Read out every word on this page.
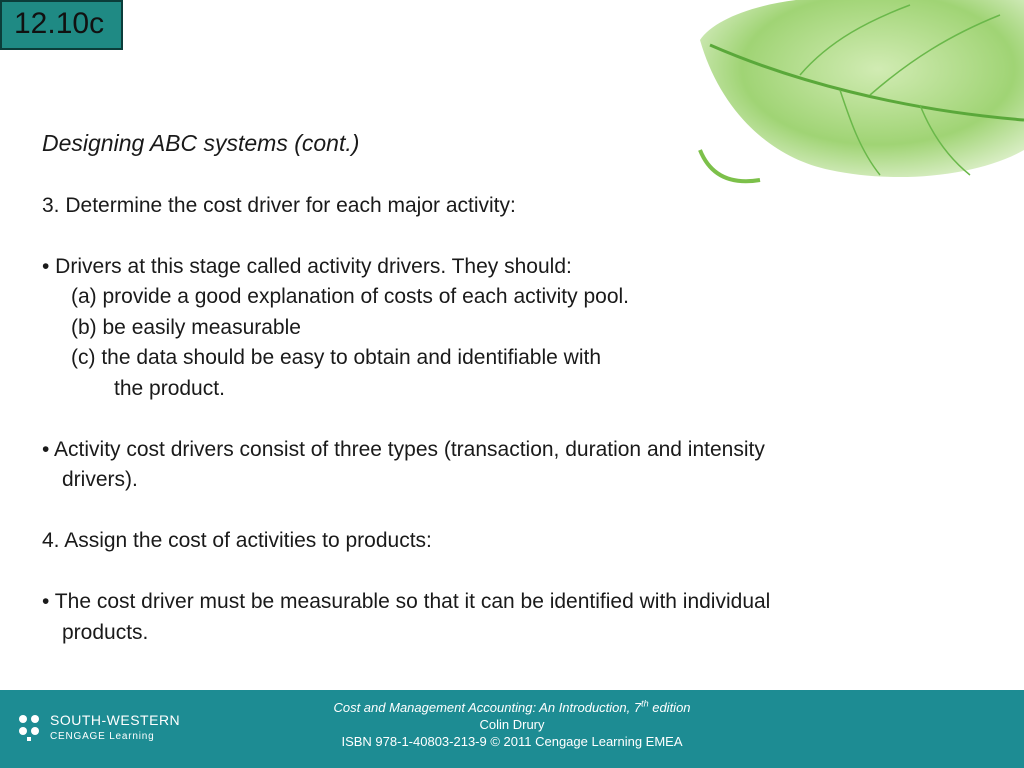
12.10c

Designing ABC systems (cont.)

3. Determine the cost driver for each major activity:

• Drivers at this stage called activity drivers. They should:

(a) provide a good explanation of costs of each activity pool.

(b) be easily measurable

(c) the data should be easy to obtain and identifiable with

the product.

• Activity cost drivers consist of three types (transaction, duration and intensity

drivers).

4. Assign the cost of activities to products:

• The cost driver must be measurable so that it can be identified with individual

products.

SOUTH-WESTERN
CENGAGE Learning
Cost and Management Accounting: An Introduction, 7th edition
Colin Drury
ISBN 978-1-40803-213-9 © 2011 Cengage Learning EMEA
